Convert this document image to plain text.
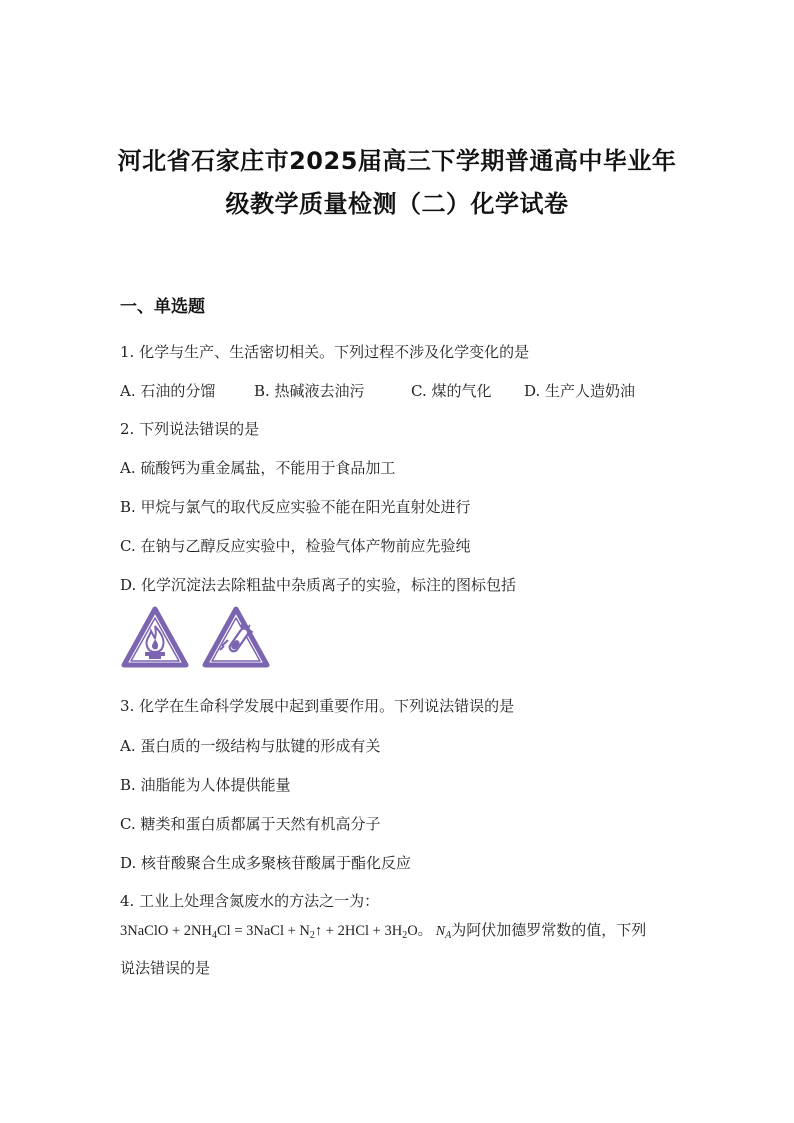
河北省石家庄市2025届高三下学期普通高中毕业年
级教学质量检测（二）化学试卷
一、单选题
1. 化学与生产、生活密切相关。下列过程不涉及化学变化的是
A. 石油的分馏	B. 热碱液去油污	C. 煤的气化 D. 生产人造奶油
2. 下列说法错误的是
A. 硫酸钙为重金属盐，不能用于食品加工
B. 甲烷与氯气的取代反应实验不能在阳光直射处进行
C. 在钠与乙醇反应实验中，检验气体产物前应先验纯
D. 化学沉淀法去除粗盐中杂质离子的实验，标注的图标包括
3. 化学在生命科学发展中起到重要作用。下列说法错误的是
A. 蛋白质的一级结构与肽键的形成有关
B. 油脂能为人体提供能量
C. 糖类和蛋白质都属于天然有机高分子
D. 核苷酸聚合生成多聚核苷酸属于酯化反应
4. 工业上处理含氮废水的方法之一为：
3NaClO + $2NH_4Cl$ = 3NaCl + $N_2↑ + 2HCl + 3H_2O$。 $N_A$为阿伏加德罗常数的值，下列
说法错误的是
